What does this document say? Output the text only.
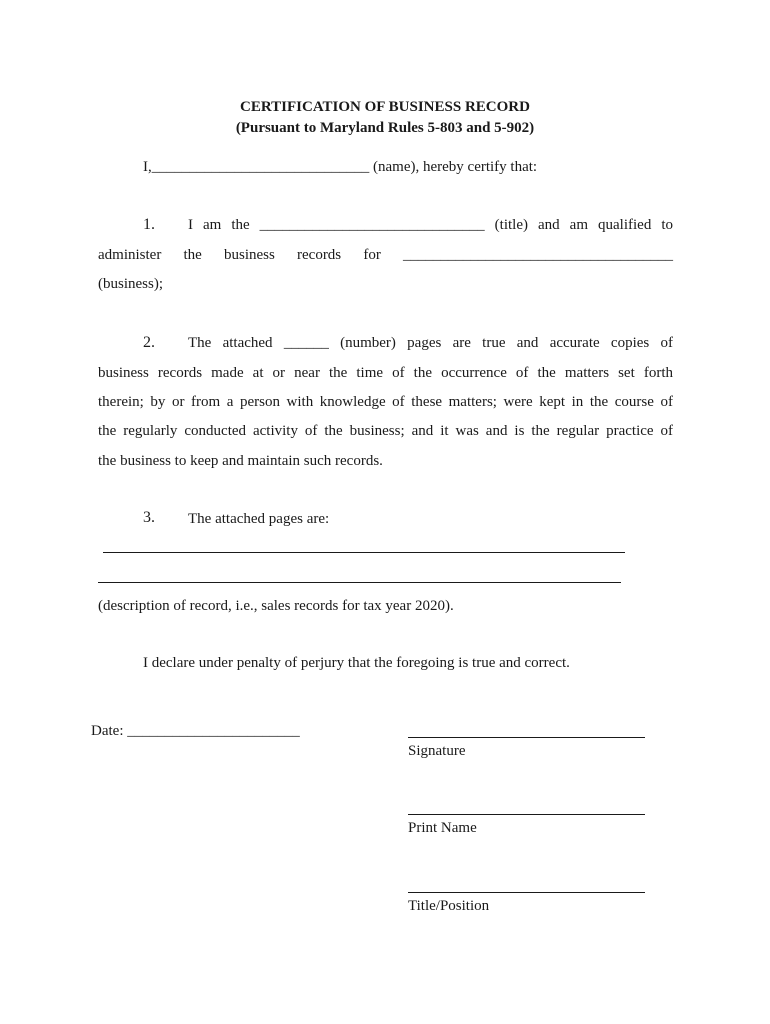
CERTIFICATION OF BUSINESS RECORD
(Pursuant to Maryland Rules 5-803 and 5-902)
I,_____________________________ (name), hereby certify that:
1. I am the ______________________________ (title) and am qualified to
administer the business records for ____________________________________
(business);
2. The attached ______ (number) pages are true and accurate copies of
business records made at or near the time of the occurrence of the matters set forth
therein; by or from a person with knowledge of these matters; were kept in the course of
the regularly conducted activity of the business; and it was and is the regular practice of
the business to keep and maintain such records.
3. The attached pages are:
(description of record, i.e., sales records for tax year 2020).
I declare under penalty of perjury that the foregoing is true and correct.
Date: _______________________
Signature
Print Name
Title/Position
